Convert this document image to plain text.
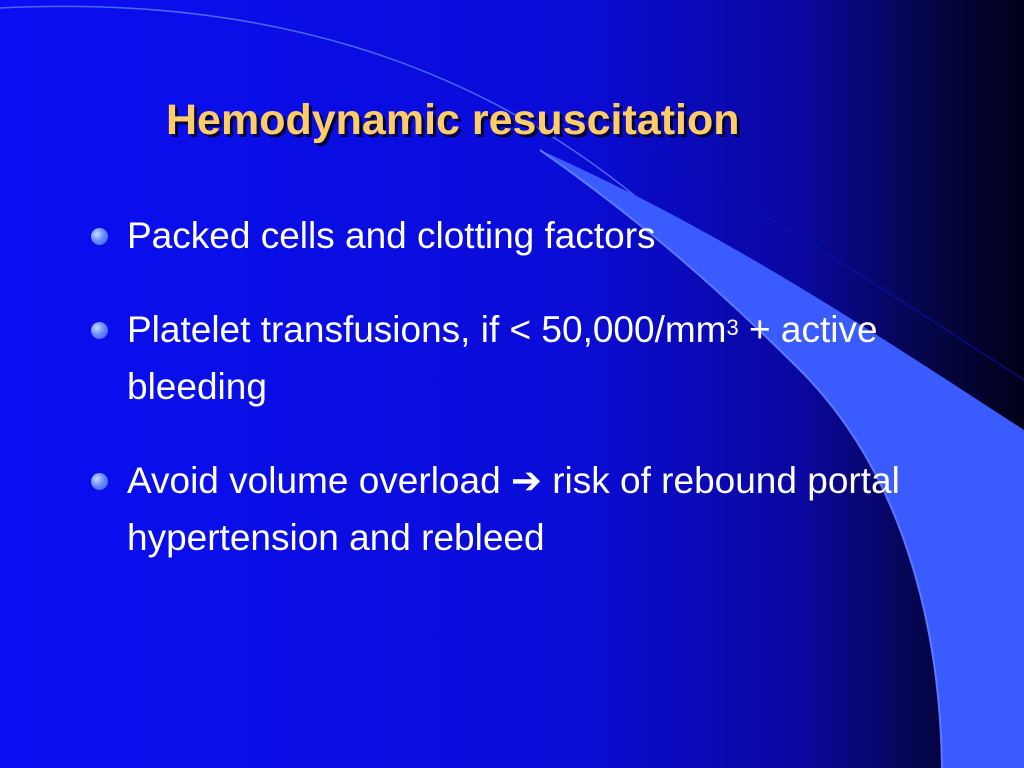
Hemodynamic resuscitation
Packed cells and clotting factors
Platelet transfusions, if < $50,000/mm^3$ + active bleeding
Avoid volume overload ➔ risk of rebound portal hypertension and rebleed
